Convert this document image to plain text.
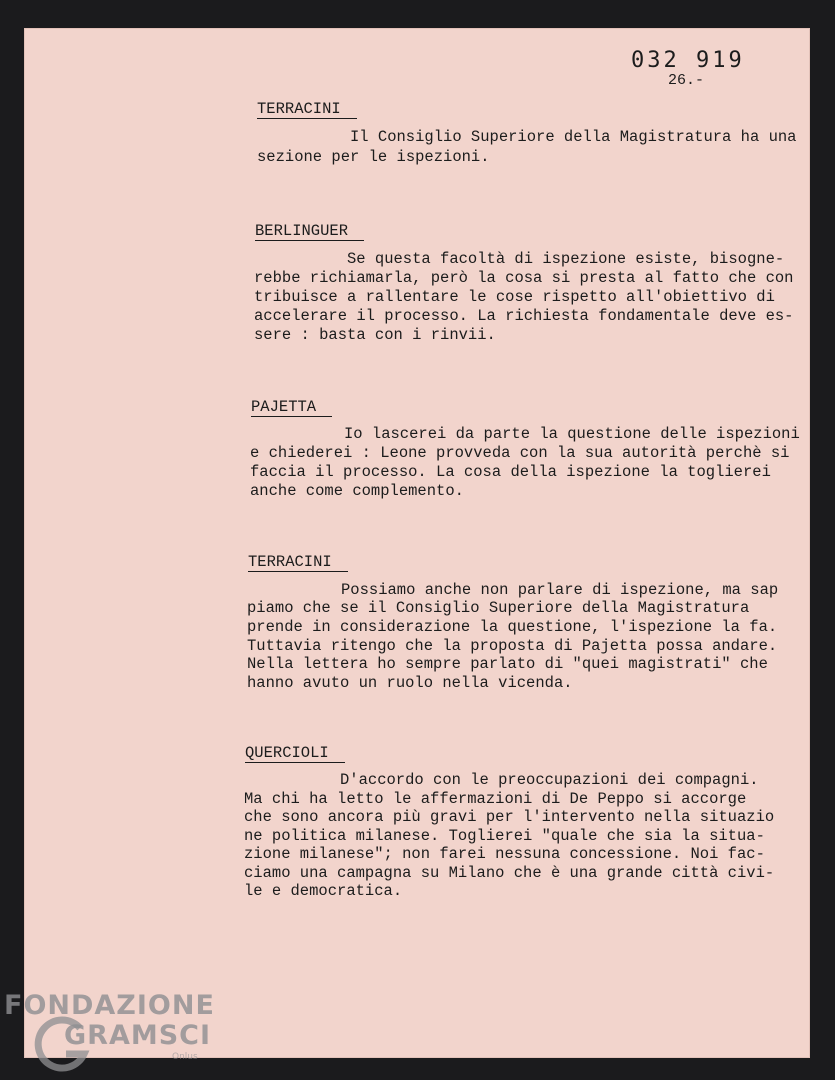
032 919
26.-
TERRACINI
Il Consiglio Superiore della Magistratura ha una
sezione per le ispezioni.
BERLINGUER
Se questa facoltà di ispezione esiste, bisogne-
rebbe richiamarla, però la cosa si presta al fatto che con
tribuisce a rallentare le cose rispetto all'obiettivo di
accelerare il processo. La richiesta fondamentale deve es-
sere : basta con i rinvii.
PAJETTA
Io lascerei da parte la questione delle ispezioni
e chiederei : Leone provveda con la sua autorità perchè si
faccia il processo. La cosa della ispezione la toglierei
anche come complemento.
TERRACINI
Possiamo anche non parlare di ispezione, ma sap
piamo che se il Consiglio Superiore della Magistratura
prende in considerazione la questione, l'ispezione la fa.
Tuttavia ritengo che la proposta di Pajetta possa andare.
Nella lettera ho sempre parlato di "quei magistrati" che
hanno avuto un ruolo nella vicenda.
QUERCIOLI
D'accordo con le preoccupazioni dei compagni.
Ma chi ha letto le affermazioni di De Peppo si accorge
che sono ancora più gravi per l'intervento nella situazio
ne politica milanese. Toglierei "quale che sia la situa-
zione milanese"; non farei nessuna concessione. Noi fac-
ciamo una campagna su Milano che è una grande città civi-
le e democratica.
FONDAZIONE
GRAMSCI
Onlus
